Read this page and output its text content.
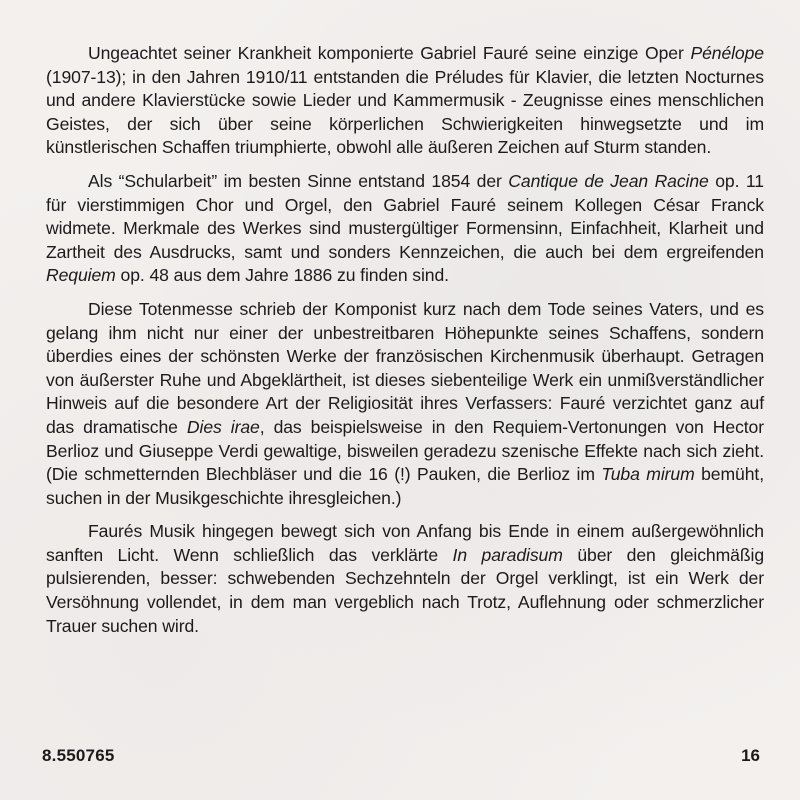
Ungeachtet seiner Krankheit komponierte Gabriel Fauré seine einzige Oper Pénélope (1907-13); in den Jahren 1910/11 entstanden die Préludes für Klavier, die letzten Nocturnes und andere Klavierstücke sowie Lieder und Kammermusik - Zeugnisse eines menschlichen Geistes, der sich über seine körperlichen Schwierigkeiten hinwegsetzte und im künstlerischen Schaffen triumphierte, obwohl alle äußeren Zeichen auf Sturm standen.

Als “Schularbeit” im besten Sinne entstand 1854 der Cantique de Jean Racine op. 11 für vierstimmigen Chor und Orgel, den Gabriel Fauré seinem Kollegen César Franck widmete. Merkmale des Werkes sind mustergültiger Formensinn, Einfachheit, Klarheit und Zartheit des Ausdrucks, samt und sonders Kennzeichen, die auch bei dem ergreifenden Requiem op. 48 aus dem Jahre 1886 zu finden sind.

Diese Totenmesse schrieb der Komponist kurz nach dem Tode seines Vaters, und es gelang ihm nicht nur einer der unbestreitbaren Höhepunkte seines Schaffens, sondern überdies eines der schönsten Werke der französischen Kirchenmusik überhaupt. Getragen von äußerster Ruhe und Abgeklärtheit, ist dieses siebenteilige Werk ein unmißverständlicher Hinweis auf die besondere Art der Religiosität ihres Verfassers: Fauré verzichtet ganz auf das dramatische Dies irae, das beispielsweise in den Requiem-Vertonungen von Hector Berlioz und Giuseppe Verdi gewaltige, bisweilen geradezu szenische Effekte nach sich zieht. (Die schmetternden Blechbläser und die 16 (!) Pauken, die Berlioz im Tuba mirum bemüht, suchen in der Musikgeschichte ihresgleichen.)

Faurés Musik hingegen bewegt sich von Anfang bis Ende in einem außergewöhnlich sanften Licht. Wenn schließlich das verklärte In paradisum über den gleichmäßig pulsierenden, besser: schwebenden Sechzehnteln der Orgel verklingt, ist ein Werk der Versöhnung vollendet, in dem man vergeblich nach Trotz, Auflehnung oder schmerzlicher Trauer suchen wird.

8.550765	16
